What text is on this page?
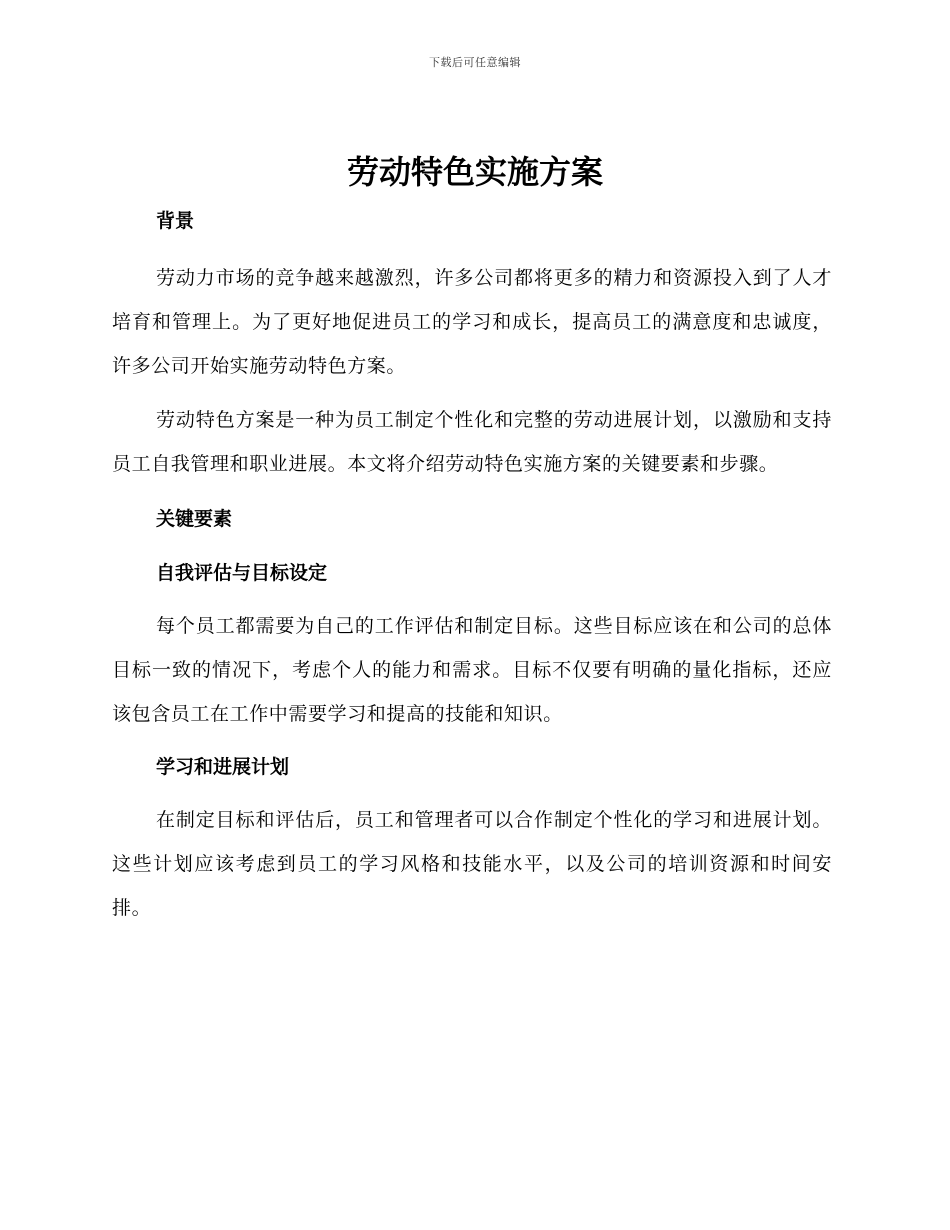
下载后可任意编辑
劳动特色实施方案
背景

劳动力市场的竞争越来越激烈，许多公司都将更多的精力和资源投入到了人才培育和管理上。为了更好地促进员工的学习和成长，提高员工的满意度和忠诚度，许多公司开始实施劳动特色方案。

劳动特色方案是一种为员工制定个性化和完整的劳动进展计划，以激励和支持员工自我管理和职业进展。本文将介绍劳动特色实施方案的关键要素和步骤。

关键要素
自我评估与目标设定

每个员工都需要为自己的工作评估和制定目标。这些目标应该在和公司的总体目标一致的情况下，考虑个人的能力和需求。目标不仅要有明确的量化指标，还应该包含员工在工作中需要学习和提高的技能和知识。

学习和进展计划

在制定目标和评估后，员工和管理者可以合作制定个性化的学习和进展计划。这些计划应该考虑到员工的学习风格和技能水平，以及公司的培训资源和时间安排。
